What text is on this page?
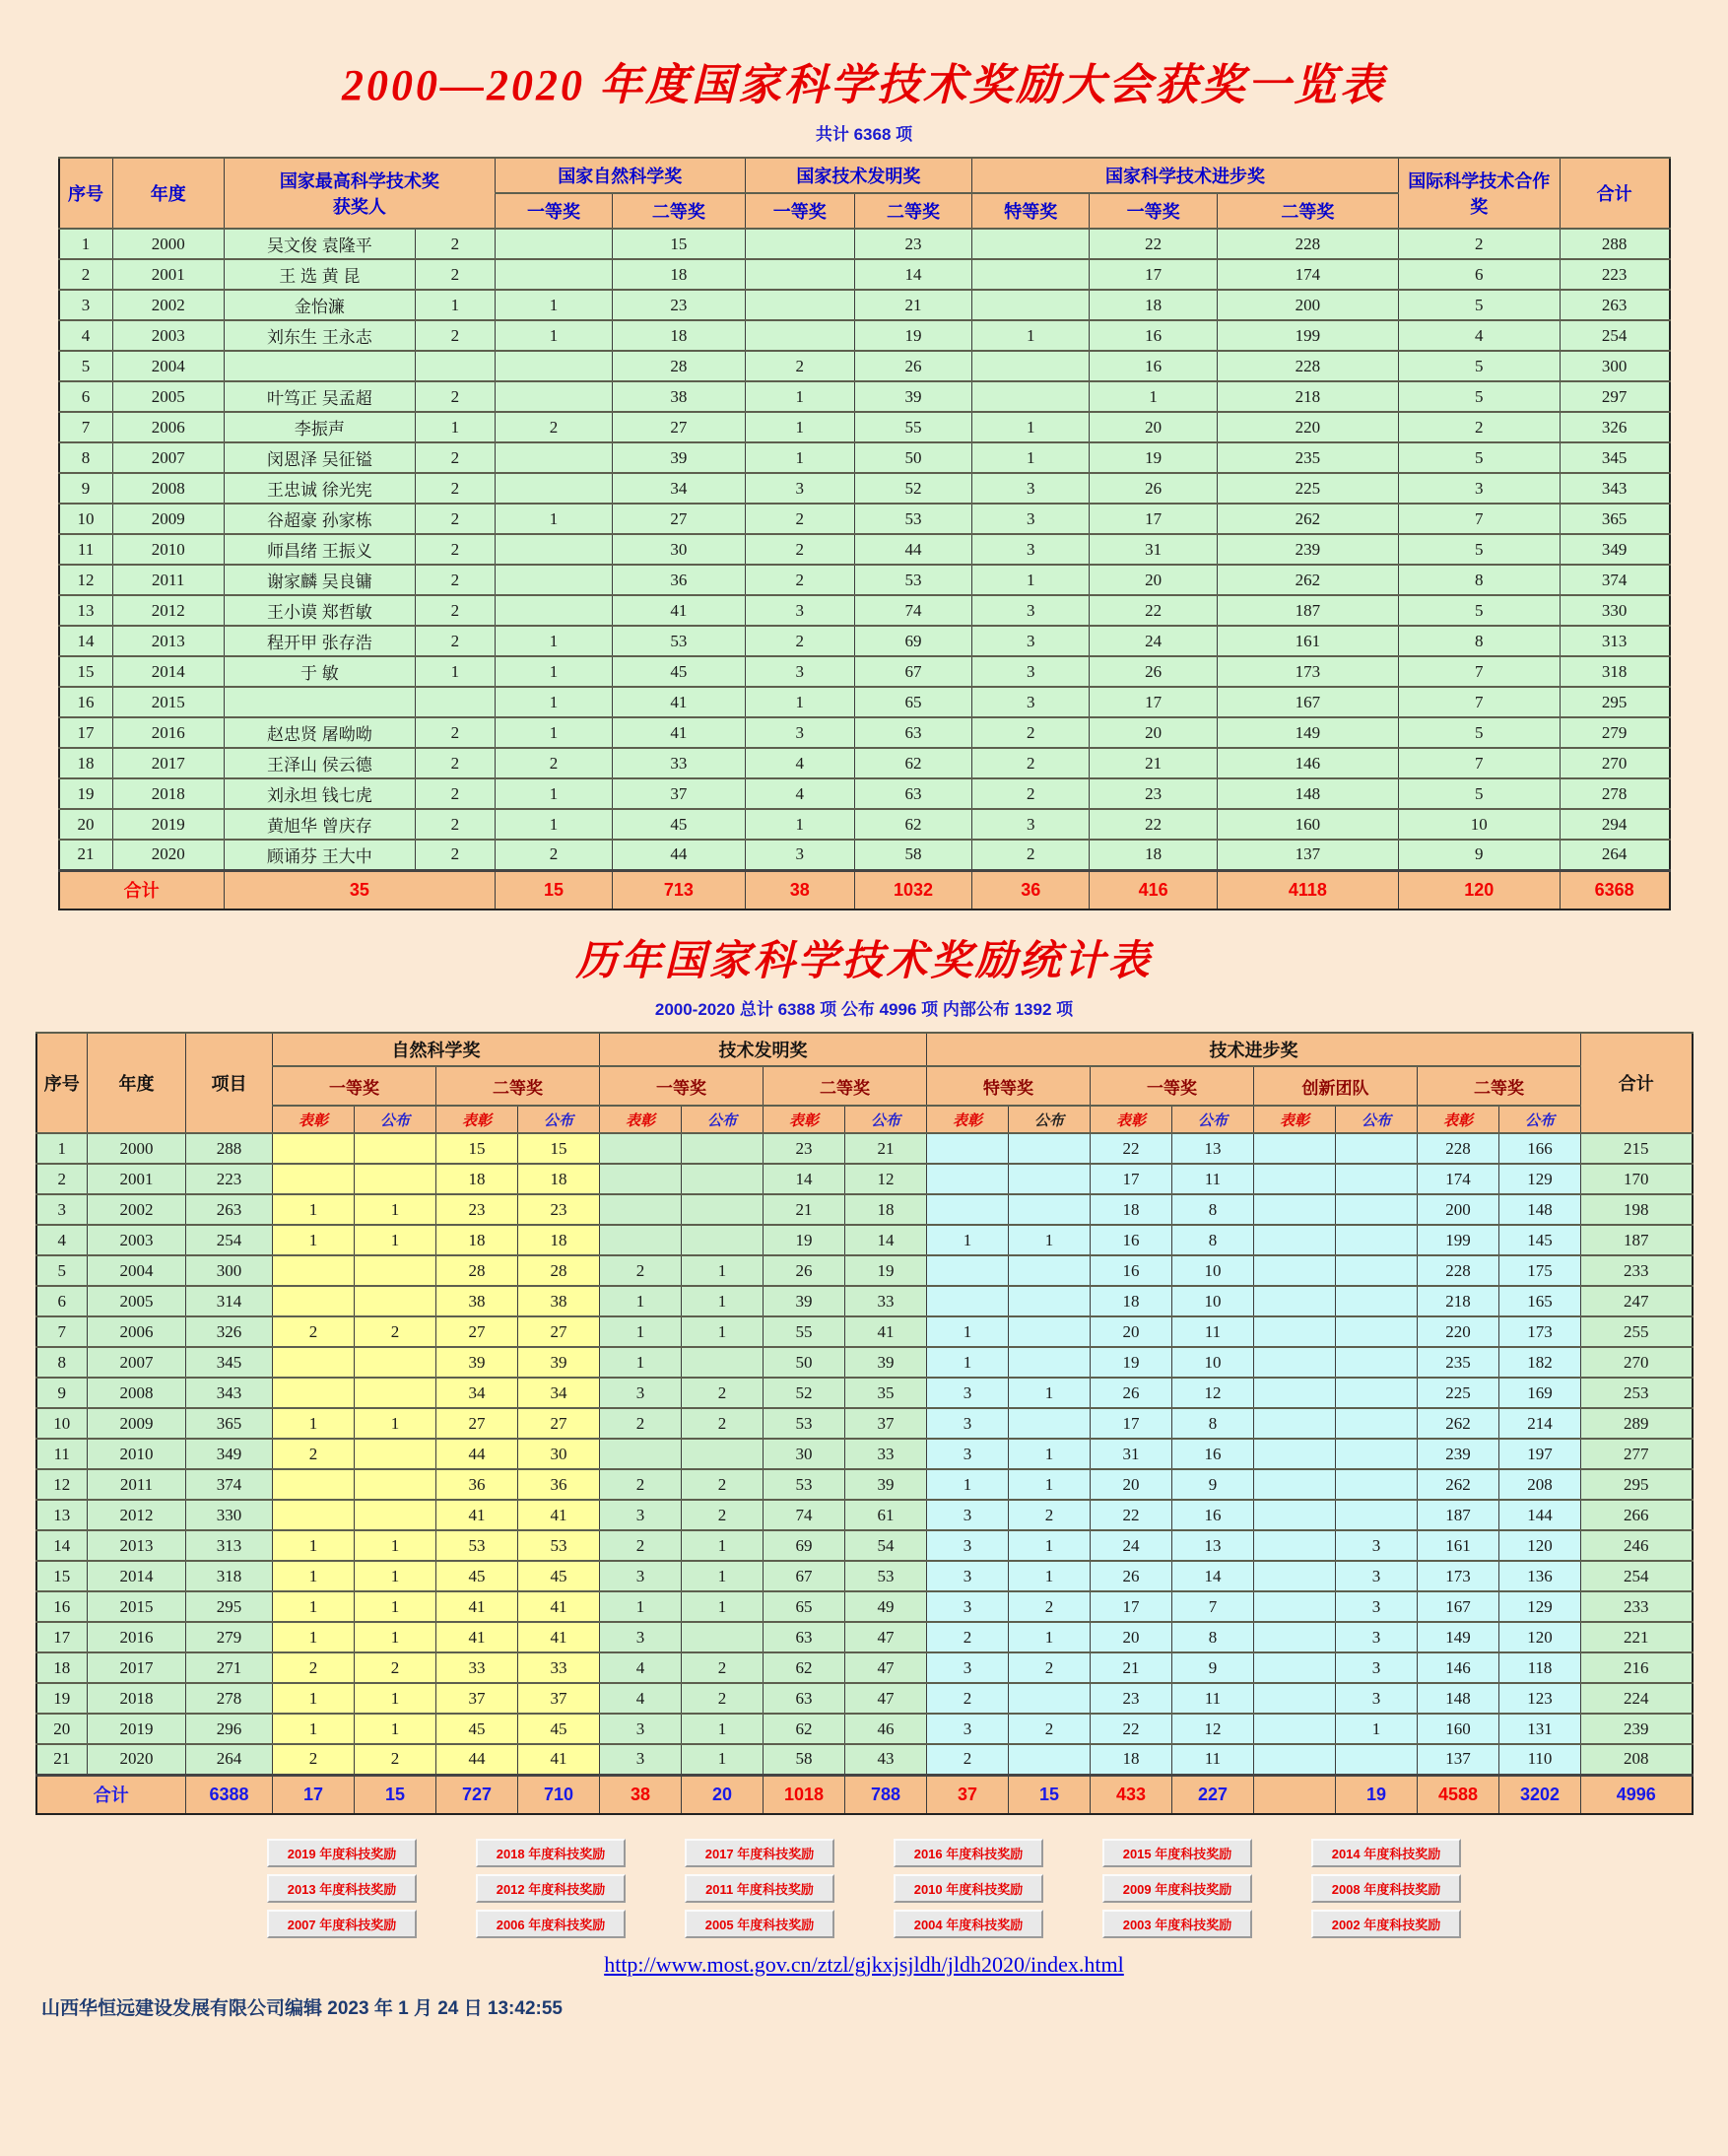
2000—2020 年度国家科学技术奖励大会获奖一览表
共计 6368 项
序号	年度	国家最高科学技术奖
获奖人		国家自然科学奖		国家技术发明奖		国家科学技术进步奖			国际科学技术合作奖	合计
				一等奖	二等奖	一等奖	二等奖	特等奖	一等奖	二等奖		
1	2000	吴文俊 袁隆平	2		15		23		22	228	2	288
2	2001	王 选 黄 昆	2		18		14		17	174	6	223
3	2002	金怡濂	1	1	23		21		18	200	5	263
4	2003	刘东生 王永志	2	1	18		19	1	16	199	4	254
5	2004				28	2	26		16	228	5	300
6	2005	叶笃正 吴孟超	2		38	1	39		1	218	5	297
7	2006	李振声	1	2	27	1	55	1	20	220	2	326
8	2007	闵恩泽 吴征镒	2		39	1	50	1	19	235	5	345
9	2008	王忠诚 徐光宪	2		34	3	52	3	26	225	3	343
10	2009	谷超豪 孙家栋	2	1	27	2	53	3	17	262	7	365
11	2010	师昌绪 王振义	2		30	2	44	3	31	239	5	349
12	2011	谢家麟 吴良镛	2		36	2	53	1	20	262	8	374
13	2012	王小谟 郑哲敏	2		41	3	74	3	22	187	5	330
14	2013	程开甲 张存浩	2	1	53	2	69	3	24	161	8	313
15	2014	于 敏	1	1	45	3	67	3	26	173	7	318
16	2015			1	41	1	65	3	17	167	7	295
17	2016	赵忠贤 屠呦呦	2	1	41	3	63	2	20	149	5	279
18	2017	王泽山 侯云德	2	2	33	4	62	2	21	146	7	270
19	2018	刘永坦 钱七虎	2	1	37	4	63	2	23	148	5	278
20	2019	黄旭华 曾庆存	2	1	45	1	62	3	22	160	10	294
21	2020	顾诵芬 王大中	2	2	44	3	58	2	18	137	9	264
合计		35		15	713	38	1032	36	416	4118	120	6368
历年国家科学技术奖励统计表
2000-2020 总计 6388 项 公布 4996 项 内部公布 1392 项
序号	年度	项目	自然科学奖				技术发明奖				技术进步奖								合计
			一等奖		二等奖		一等奖		二等奖		特等奖		一等奖		创新团队		二等奖		
			表彰	公布	表彰	公布	表彰	公布	表彰	公布	表彰	公布	表彰	公布	表彰	公布	表彰	公布	
1	2000	288			15	15			23	21			22	13			228	166	215
2	2001	223			18	18			14	12			17	11			174	129	170
3	2002	263	1	1	23	23			21	18			18	8			200	148	198
4	2003	254	1	1	18	18			19	14	1	1	16	8			199	145	187
5	2004	300			28	28	2	1	26	19			16	10			228	175	233
6	2005	314			38	38	1	1	39	33			18	10			218	165	247
7	2006	326	2	2	27	27	1	1	55	41	1		20	11			220	173	255
8	2007	345			39	39	1		50	39	1		19	10			235	182	270
9	2008	343			34	34	3	2	52	35	3	1	26	12			225	169	253
10	2009	365	1	1	27	27	2	2	53	37	3		17	8			262	214	289
11	2010	349	2		44	30			30	33	3	1	31	16			239	197	277
12	2011	374			36	36	2	2	53	39	1	1	20	9			262	208	295
13	2012	330			41	41	3	2	74	61	3	2	22	16			187	144	266
14	2013	313	1	1	53	53	2	1	69	54	3	1	24	13		3	161	120	246
15	2014	318	1	1	45	45	3	1	67	53	3	1	26	14		3	173	136	254
16	2015	295	1	1	41	41	1	1	65	49	3	2	17	7		3	167	129	233
17	2016	279	1	1	41	41	3		63	47	2	1	20	8		3	149	120	221
18	2017	271	2	2	33	33	4	2	62	47	3	2	21	9		3	146	118	216
19	2018	278	1	1	37	37	4	2	63	47	2		23	11		3	148	123	224
20	2019	296	1	1	45	45	3	1	62	46	3	2	22	12		1	160	131	239
21	2020	264	2	2	44	41	3	1	58	43	2		18	11			137	110	208
合计		6388	17	15	727	710	38	20	1018	788	37	15	433	227		19	4588	3202	4996
2019 年度科技奖励	2018 年度科技奖励	2017 年度科技奖励	2016 年度科技奖励	2015 年度科技奖励	2014 年度科技奖励
2013 年度科技奖励	2012 年度科技奖励	2011 年度科技奖励	2010 年度科技奖励	2009 年度科技奖励	2008 年度科技奖励
2007 年度科技奖励	2006 年度科技奖励	2005 年度科技奖励	2004 年度科技奖励	2003 年度科技奖励	2002 年度科技奖励
http://www.most.gov.cn/ztzl/gjkxjsjldh/jldh2020/index.html
山西华恒远建设发展有限公司编辑 2023 年 1 月 24 日 13:42:55
